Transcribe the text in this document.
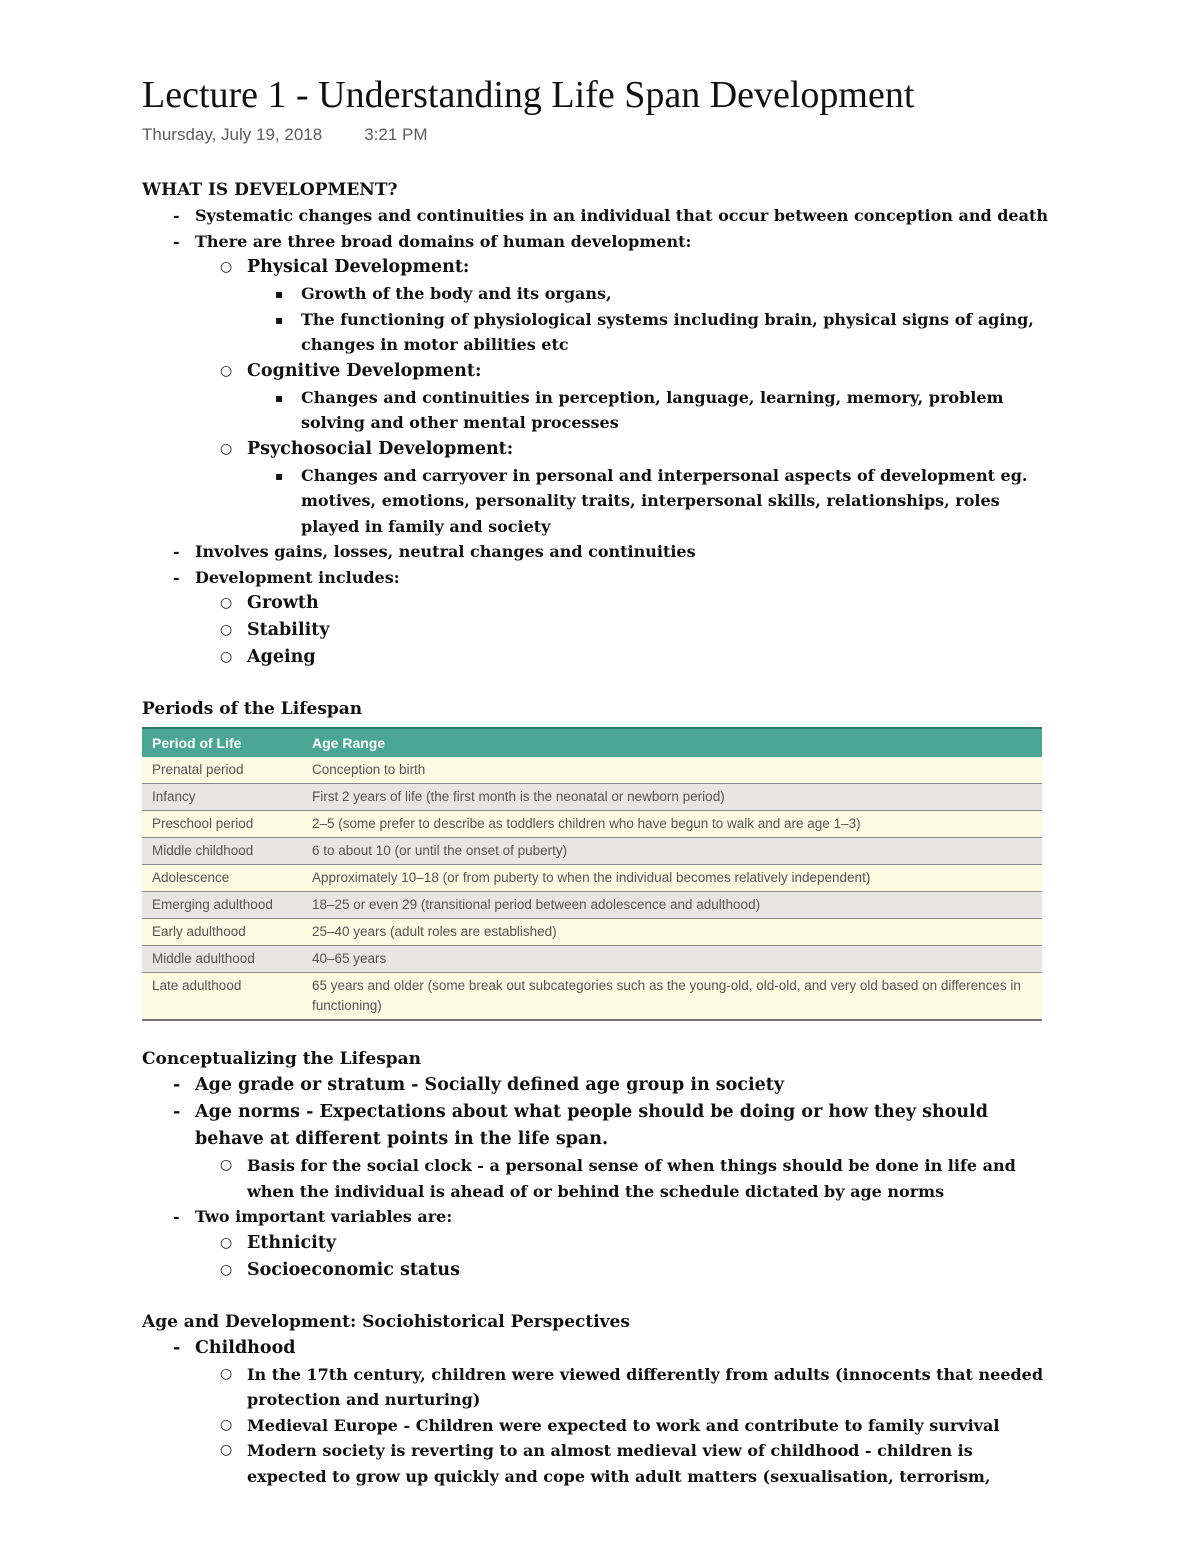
Lecture 1 - Understanding Life Span Development
Thursday, July 19, 2018 3:21 PM
WHAT IS DEVELOPMENT?
- Systematic changes and continuities in an individual that occur between conception and death
- There are three broad domains of human development:
○ Physical Development:
▪ Growth of the body and its organs,
▪ The functioning of physiological systems including brain, physical signs of aging, changes in motor abilities etc
○ Cognitive Development:
▪ Changes and continuities in perception, language, learning, memory, problem solving and other mental processes
○ Psychosocial Development:
▪ Changes and carryover in personal and interpersonal aspects of development eg. motives, emotions, personality traits, interpersonal skills, relationships, roles played in family and society
- Involves gains, losses, neutral changes and continuities
- Development includes:
○ Growth
○ Stability
○ Ageing
Periods of the Lifespan
Period of Life	Age Range
Prenatal period	Conception to birth
Infancy	First 2 years of life (the first month is the neonatal or newborn period)
Preschool period	2–5 (some prefer to describe as toddlers children who have begun to walk and are age 1–3)
Middle childhood	6 to about 10 (or until the onset of puberty)
Adolescence	Approximately 10–18 (or from puberty to when the individual becomes relatively independent)
Emerging adulthood	18–25 or even 29 (transitional period between adolescence and adulthood)
Early adulthood	25–40 years (adult roles are established)
Middle adulthood	40–65 years
Late adulthood	65 years and older (some break out subcategories such as the young-old, old-old, and very old based on differences in functioning)
Conceptualizing the Lifespan
- Age grade or stratum - Socially defined age group in society
- Age norms - Expectations about what people should be doing or how they should behave at different points in the life span.
○ Basis for the social clock - a personal sense of when things should be done in life and when the individual is ahead of or behind the schedule dictated by age norms
- Two important variables are:
○ Ethnicity
○ Socioeconomic status
Age and Development: Sociohistorical Perspectives
- Childhood
○ In the 17th century, children were viewed differently from adults (innocents that needed protection and nurturing)
○ Medieval Europe - Children were expected to work and contribute to family survival
○ Modern society is reverting to an almost medieval view of childhood - children is expected to grow up quickly and cope with adult matters (sexualisation, terrorism,
